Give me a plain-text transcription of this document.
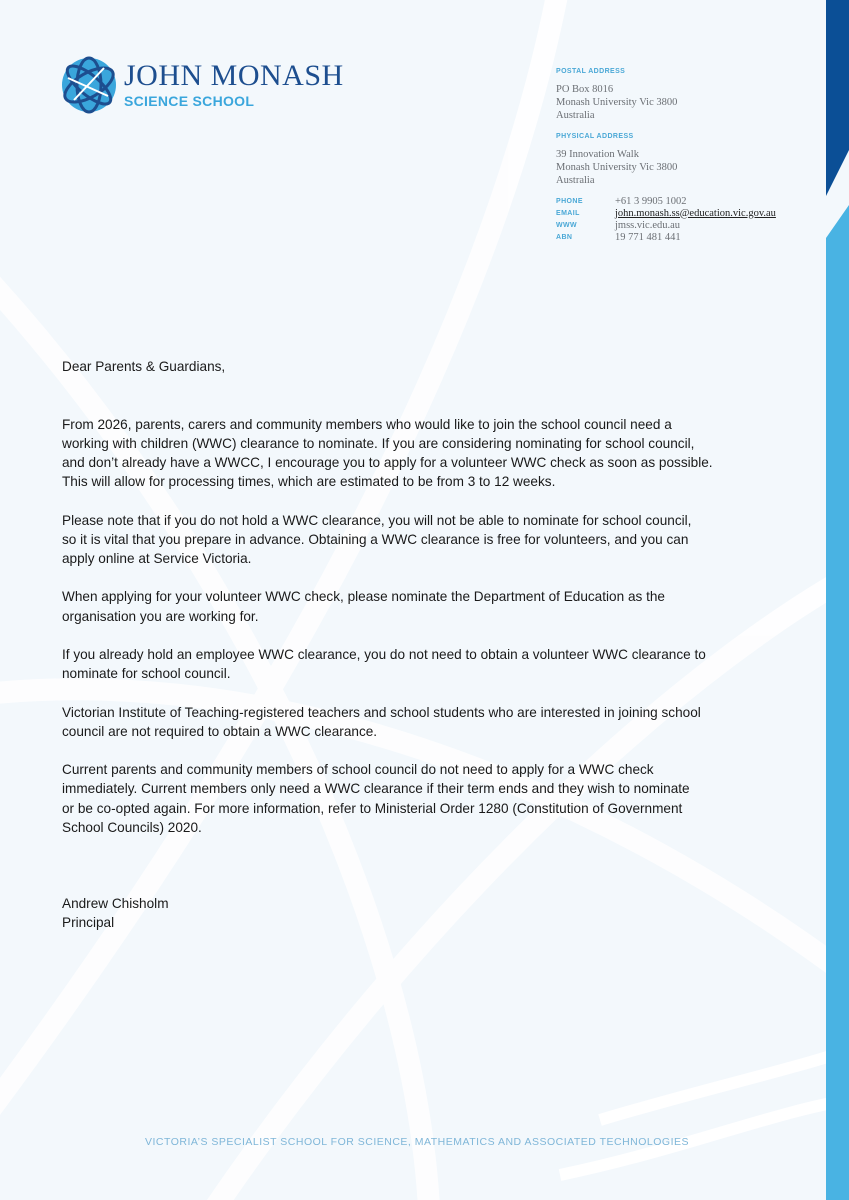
JOHN MONASH
SCIENCE SCHOOL
POSTAL ADDRESS
PO Box 8016
Monash University Vic 3800
Australia
PHYSICAL ADDRESS
39 Innovation Walk
Monash University Vic 3800
Australia
PHONE	+61 3 9905 1002
EMAIL	john.monash.ss@education.vic.gov.au
WWW	jmss.vic.edu.au
ABN	19 771 481 441
Dear Parents & Guardians,
From 2026, parents, carers and community members who would like to join the school council need a
working with children (WWC) clearance to nominate. If you are considering nominating for school council,
and don’t already have a WWCC, I encourage you to apply for a volunteer WWC check as soon as possible.
This will allow for processing times, which are estimated to be from 3 to 12 weeks.
Please note that if you do not hold a WWC clearance, you will not be able to nominate for school council,
so it is vital that you prepare in advance. Obtaining a WWC clearance is free for volunteers, and you can
apply online at Service Victoria.
When applying for your volunteer WWC check, please nominate the Department of Education as the
organisation you are working for.
If you already hold an employee WWC clearance, you do not need to obtain a volunteer WWC clearance to
nominate for school council.
Victorian Institute of Teaching-registered teachers and school students who are interested in joining school
council are not required to obtain a WWC clearance.
Current parents and community members of school council do not need to apply for a WWC check
immediately. Current members only need a WWC clearance if their term ends and they wish to nominate
or be co-opted again. For more information, refer to Ministerial Order 1280 (Constitution of Government
School Councils) 2020.
Andrew Chisholm
Principal
VICTORIA’S SPECIALIST SCHOOL FOR SCIENCE, MATHEMATICS AND ASSOCIATED TECHNOLOGIES
